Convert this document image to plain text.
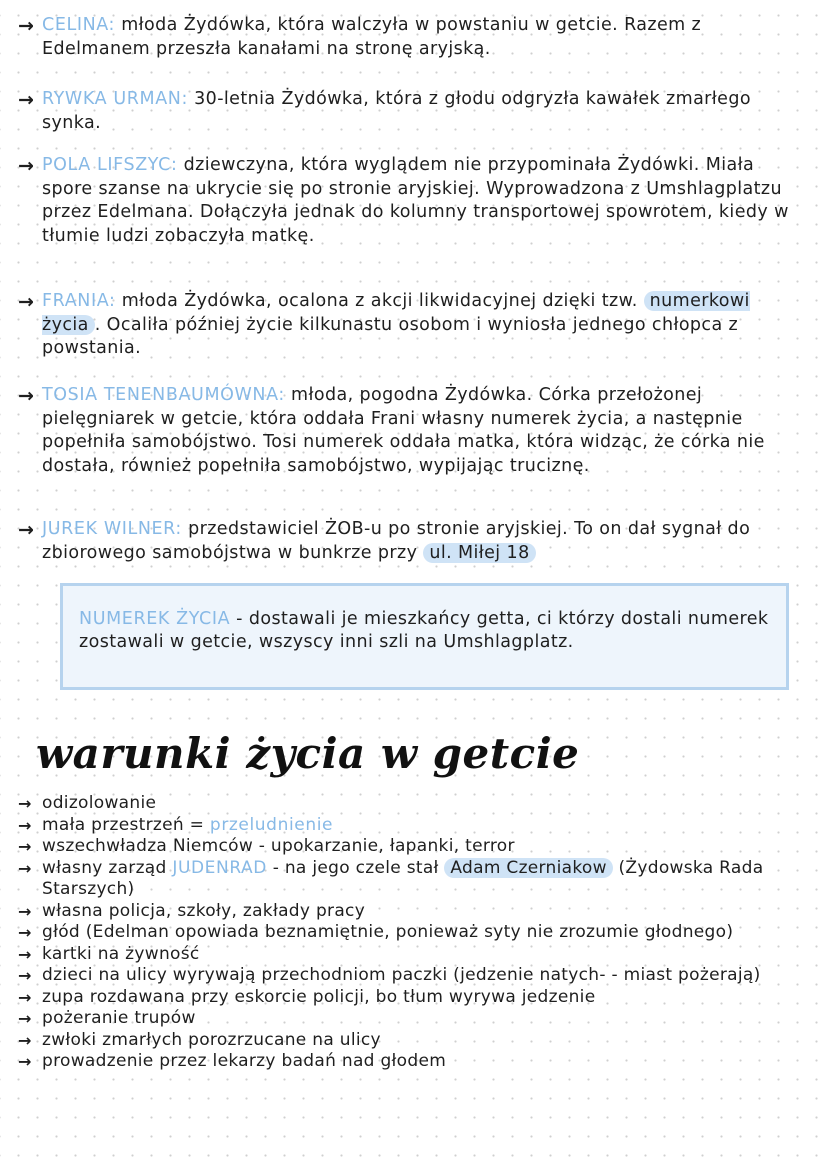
→ CELINA: młoda Żydówka, która walczyła w powstaniu w getcie. Razem z Edelmanem przeszła kanałami na stronę aryjską.
→ RYWKA URMAN: 30-letnia Żydówka, która z głodu odgryzła kawałek zmarłego synka.
→ POLA LIFSZYC: dziewczyna, która wyglądem nie przypominała Żydówki. Miała spore szanse na ukrycie się po stronie aryjskiej. Wyprowadzona z Umshlagplatzu przez Edelmana. Dołączyła jednak do kolumny transportowej spowrotem, kiedy w tłumie ludzi zobaczyła matkę.
→ FRANIA: młoda Żydówka, ocalona z akcji likwidacyjnej dzięki tzw. numerkowi życia . Ocaliła później życie kilkunastu osobom i wyniosła jednego chłopca z powstania.
→ TOSIA TENENBAUMÓWNA: młoda, pogodna Żydówka. Córka przełożonej pielęgniarek w getcie, która oddała Frani własny numerek życia, a następnie popełniła samobójstwo. Tosi numerek oddała matka, która widząc, że córka nie dostała, również popełniła samobójstwo, wypijając truciznę.
→ JUREK WILNER: przedstawiciel ŻOB-u po stronie aryjskiej. To on dał sygnał do zbiorowego samobójstwa w bunkrze przy ul. Miłej 18
NUMEREK ŻYCIA - dostawali je mieszkańcy getta, ci którzy dostali numerek zostawali w getcie, wszyscy inni szli na Umshlagplatz.
warunki życia w getcie
→ odizolowanie
→ mała przestrzeń = przeludnienie
→ wszechwładza Niemców - upokarzanie, łapanki, terror
→ własny zarząd JUDENRAD - na jego czele stał Adam Czerniakow (Żydowska Rada Starszych)
→ własna policja, szkoły, zakłady pracy
→ głód (Edelman opowiada beznamiętnie, ponieważ syty nie zrozumie głodnego)
→ kartki na żywność
→ dzieci na ulicy wyrywają przechodniom paczki (jedzenie natych- - miast pożerają)
→ zupa rozdawana przy eskorcie policji, bo tłum wyrywa jedzenie
→ pożeranie trupów
→ zwłoki zmarłych porozrzucane na ulicy
→ prowadzenie przez lekarzy badań nad głodem
